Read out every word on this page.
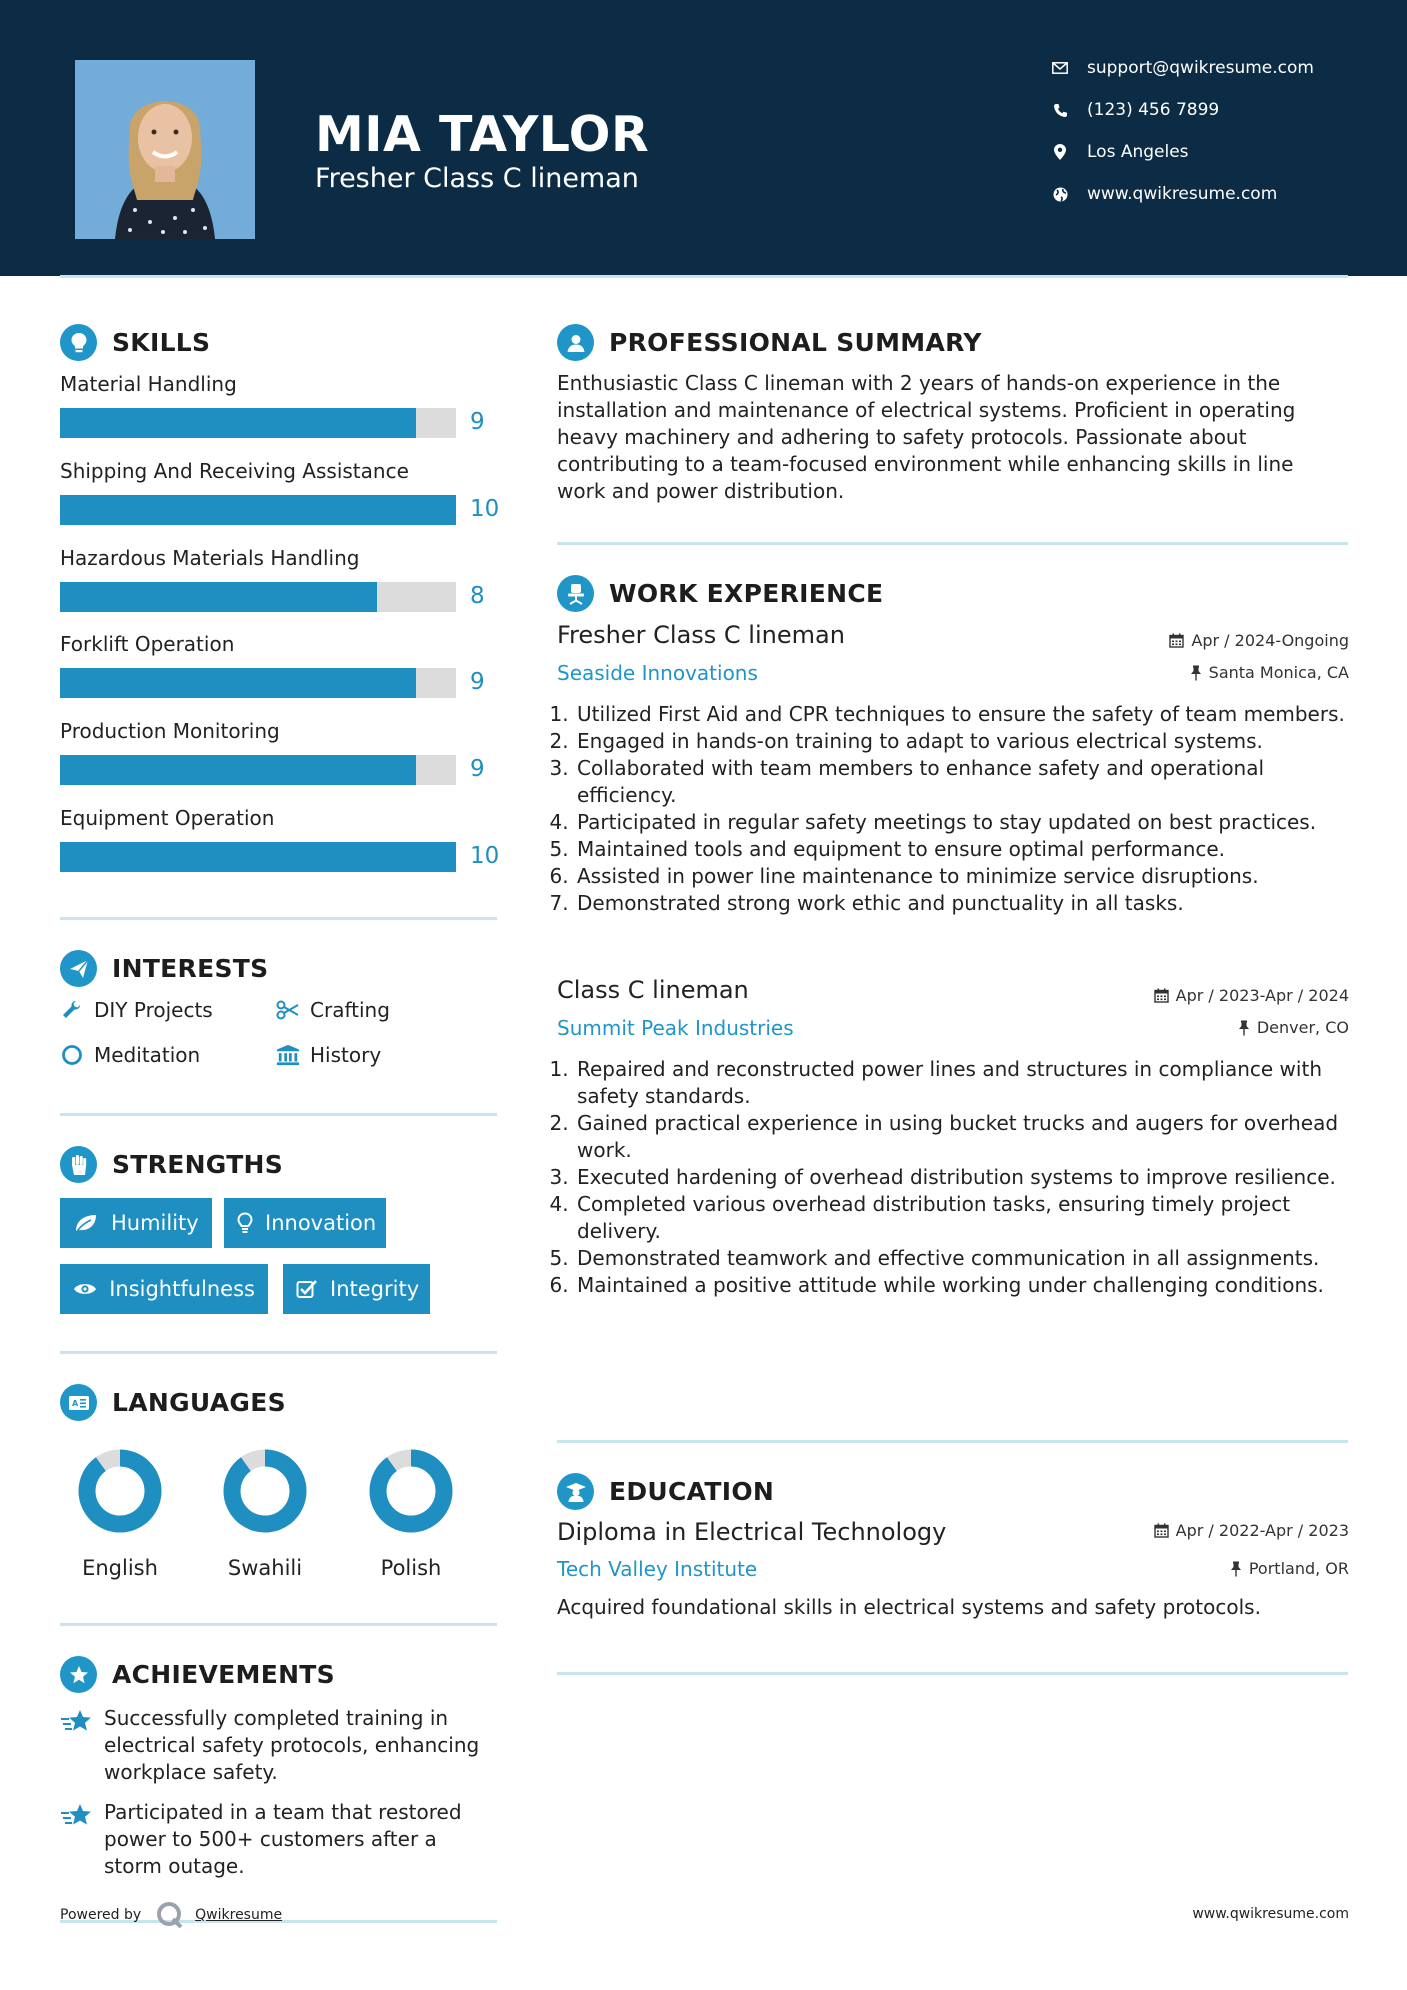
MIA TAYLOR
Fresher Class C lineman
support@qwikresume.com
(123) 456 7899
Los Angeles
www.qwikresume.com
SKILLS
Material Handling
9
Shipping And Receiving Assistance
10
Hazardous Materials Handling
8
Forklift Operation
9
Production Monitoring
9
Equipment Operation
10
INTERESTS
DIY Projects	Crafting
Meditation	History
STRENGTHS
Humility	Innovation
Insightfulness	Integrity
A LANGUAGES
English	Swahili	Polish
ACHIEVEMENTS
Successfully completed training in electrical safety protocols, enhancing workplace safety.
Participated in a team that restored power to 500+ customers after a storm outage.
PROFESSIONAL SUMMARY
Enthusiastic Class C lineman with 2 years of hands-on experience in the installation and maintenance of electrical systems. Proficient in operating heavy machinery and adhering to safety protocols. Passionate about contributing to a team-focused environment while enhancing skills in line work and power distribution.
WORK EXPERIENCE
Fresher Class C lineman	Apr / 2024-Ongoing
Seaside Innovations	Santa Monica, CA
1. Utilized First Aid and CPR techniques to ensure the safety of team members.
2. Engaged in hands-on training to adapt to various electrical systems.
3. Collaborated with team members to enhance safety and operational efficiency.
4. Participated in regular safety meetings to stay updated on best practices.
5. Maintained tools and equipment to ensure optimal performance.
6. Assisted in power line maintenance to minimize service disruptions.
7. Demonstrated strong work ethic and punctuality in all tasks.
Class C lineman	Apr / 2023-Apr / 2024
Summit Peak Industries	Denver, CO
1. Repaired and reconstructed power lines and structures in compliance with safety standards.
2. Gained practical experience in using bucket trucks and augers for overhead work.
3. Executed hardening of overhead distribution systems to improve resilience.
4. Completed various overhead distribution tasks, ensuring timely project delivery.
5. Demonstrated teamwork and effective communication in all assignments.
6. Maintained a positive attitude while working under challenging conditions.
EDUCATION
Diploma in Electrical Technology	Apr / 2022-Apr / 2023
Tech Valley Institute	Portland, OR
Acquired foundational skills in electrical systems and safety protocols.
Powered by	Qwikresume	www.qwikresume.com
